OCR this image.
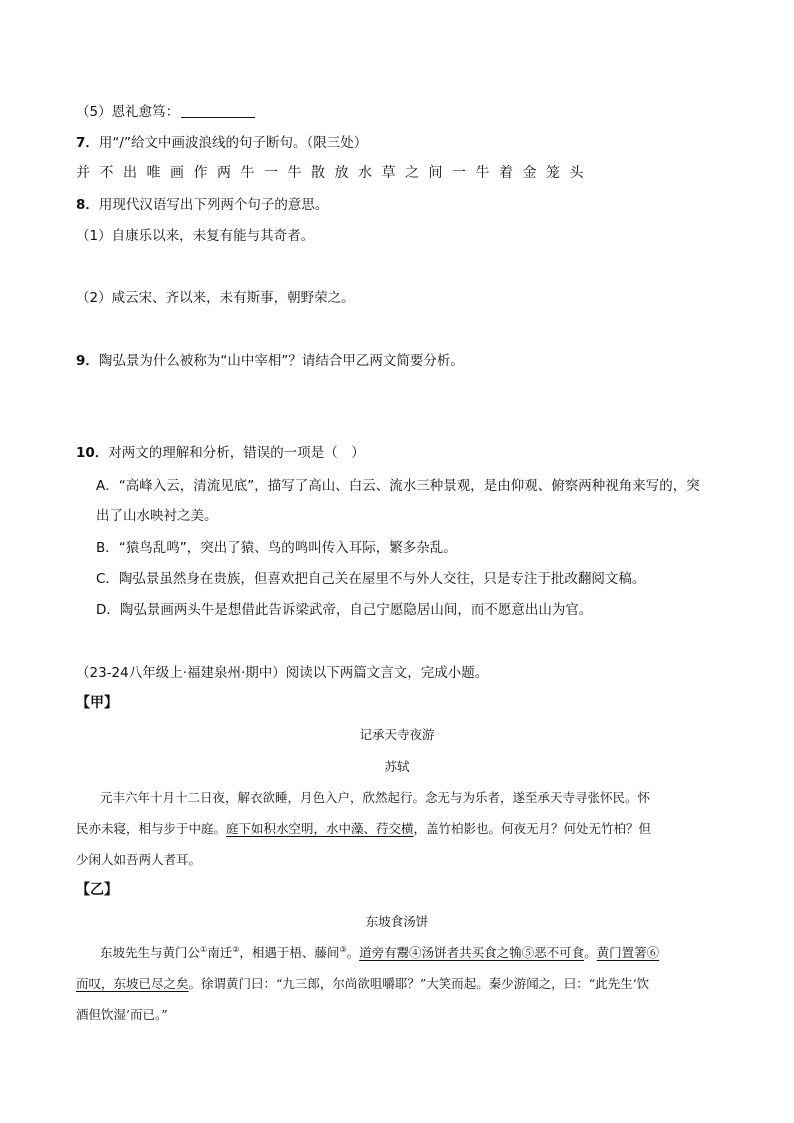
（5）恩礼愈笃：
7．用“/”给文中画波浪线的句子断句。（限三处）
并不出唯画作两牛一牛散放水草之间一牛着金笼头
8．用现代汉语写出下列两个句子的意思。
（1）自康乐以来，未复有能与其奇者。
（2）咸云宋、齐以来，未有斯事，朝野荣之。
9．陶弘景为什么被称为“山中宰相”？请结合甲乙两文简要分析。
10．对两文的理解和分析，错误的一项是（　）
A．“高峰入云，清流见底”，描写了高山、白云、流水三种景观，是由仰观、俯察两种视角来写的，突
出了山水映衬之美。
B．“猿鸟乱鸣”，突出了猿、鸟的鸣叫传入耳际，繁多杂乱。
C．陶弘景虽然身在贵族，但喜欢把自己关在屋里不与外人交往，只是专注于批改翻阅文稿。
D．陶弘景画两头牛是想借此告诉梁武帝，自己宁愿隐居山间，而不愿意出山为官。
（23-24八年级上·福建泉州·期中）阅读以下两篇文言文，完成小题。
【甲】
记承天寺夜游
苏轼
元丰六年十月十二日夜，解衣欲睡，月色入户，欣然起行。念无与为乐者，遂至承天寺寻张怀民。怀
民亦未寝，相与步于中庭。庭下如积水空明，水中藻、荇交横，盖竹柏影也。何夜无月？何处无竹柏？但
少闲人如吾两人者耳。
【乙】
东坡食汤饼
东坡先生与黄门公①南迁②，相遇于梧、藤间③。道旁有鬻④汤饼者共买食之觕⑤恶不可食。黄门置箸⑥
而叹，东坡已尽之矣。徐谓黄门曰：“九三郎，尔尚欲咀嚼耶？”大笑而起。秦少游闻之，曰：“此先生‘饮
酒但饮湿’而已。”
